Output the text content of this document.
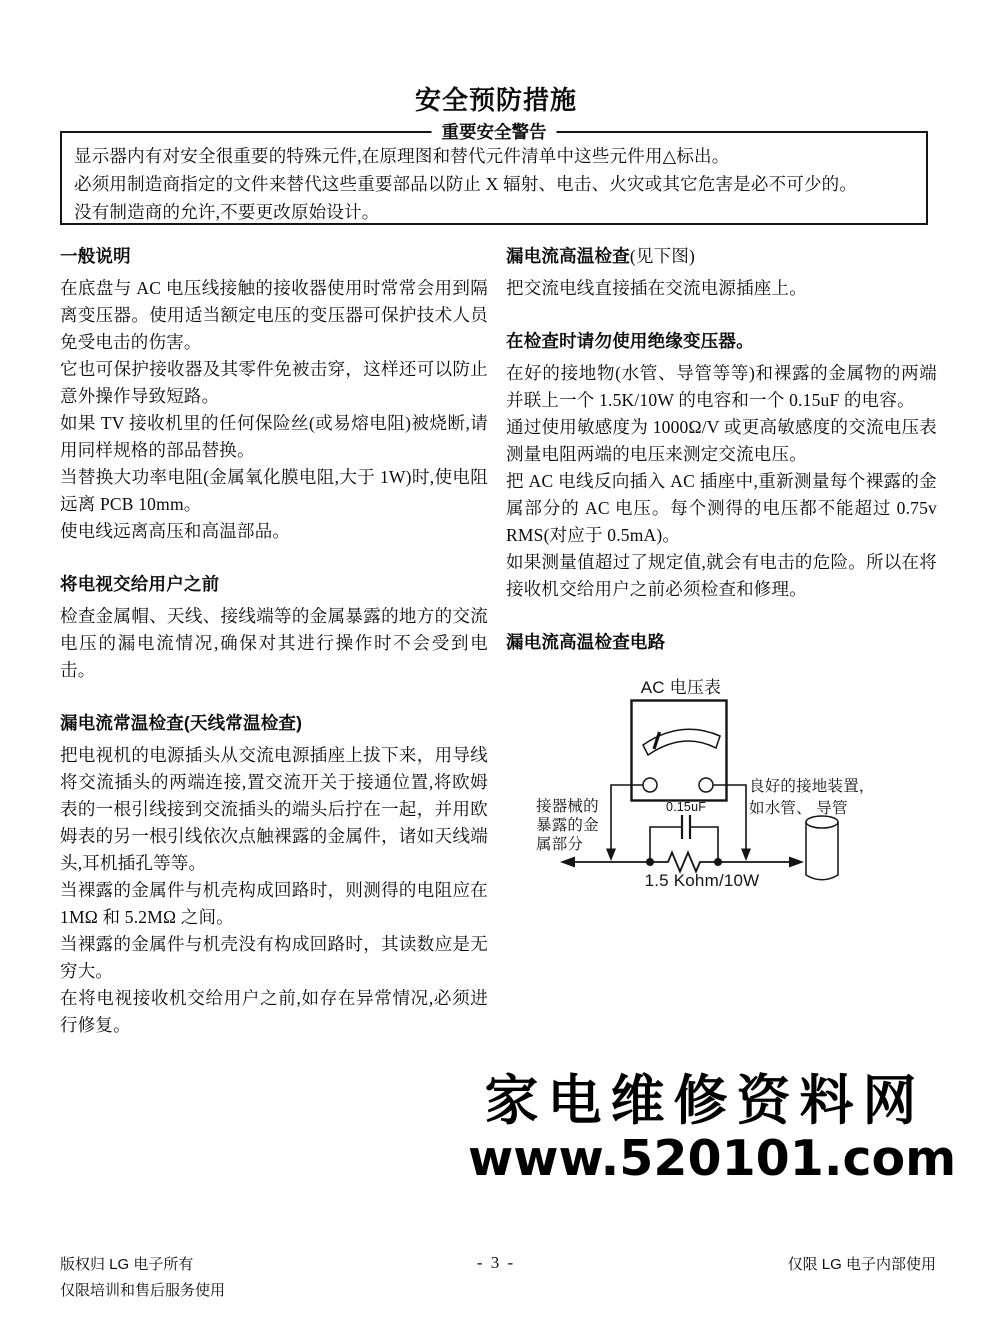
安全预防措施
重要安全警告

显示器内有对安全很重要的特殊元件,在原理图和替代元件清单中这些元件用△标出。

必须用制造商指定的文件来替代这些重要部品以防止 X 辐射、电击、火灾或其它危害是必不可少的。

没有制造商的允许,不要更改原始设计。

一般说明

在底盘与 AC 电压线接触的接收器使用时常常会用到隔离变压器。使用适当额定电压的变压器可保护技术人员免受电击的伤害。

它也可保护接收器及其零件免被击穿，这样还可以防止意外操作导致短路。

如果 TV 接收机里的任何保险丝(或易熔电阻)被烧断,请用同样规格的部品替换。

当替换大功率电阻(金属氧化膜电阻,大于 1W)时,使电阻远离 PCB 10mm。

使电线远离高压和高温部品。

将电视交给用户之前

检查金属帽、天线、接线端等的金属暴露的地方的交流电压的漏电流情况,确保对其进行操作时不会受到电击。

漏电流常温检查(天线常温检查)

把电视机的电源插头从交流电源插座上拔下来，用导线将交流插头的两端连接,置交流开关于接通位置,将欧姆表的一根引线接到交流插头的端头后拧在一起，并用欧姆表的另一根引线依次点触裸露的金属件，诸如天线端头,耳机插孔等等。

当裸露的金属件与机壳构成回路时，则测得的电阻应在 1MΩ 和 5.2MΩ 之间。

当裸露的金属件与机壳没有构成回路时，其读数应是无穷大。

在将电视接收机交给用户之前,如存在异常情况,必须进行修复。

漏电流高温检查(见下图)

把交流电线直接插在交流电源插座上。

在检查时请勿使用绝缘变压器。

在好的接地物(水管、导管等等)和裸露的金属物的两端并联上一个 1.5K/10W 的电容和一个 0.15uF 的电容。

通过使用敏感度为 1000Ω/V 或更高敏感度的交流电压表测量电阻两端的电压来测定交流电压。

把 AC 电线反向插入 AC 插座中,重新测量每个裸露的金属部分的 AC 电压。每个测得的电压都不能超过 0.75v RMS(对应于 0.5mA)。

如果测量值超过了规定值,就会有电击的危险。所以在将接收机交给用户之前必须检查和修理。

漏电流高温检查电路
AC 电压表
0.15uF
1.5 Kohm/10W
接器械的
暴露的金
属部分
良好的接地装置，
如水管、 导管
家电维修资料网
www.520101.com
版权归 LG 电子所有
仅限培训和售后服务使用
- 3 -	仅限 LG 电子内部使用
